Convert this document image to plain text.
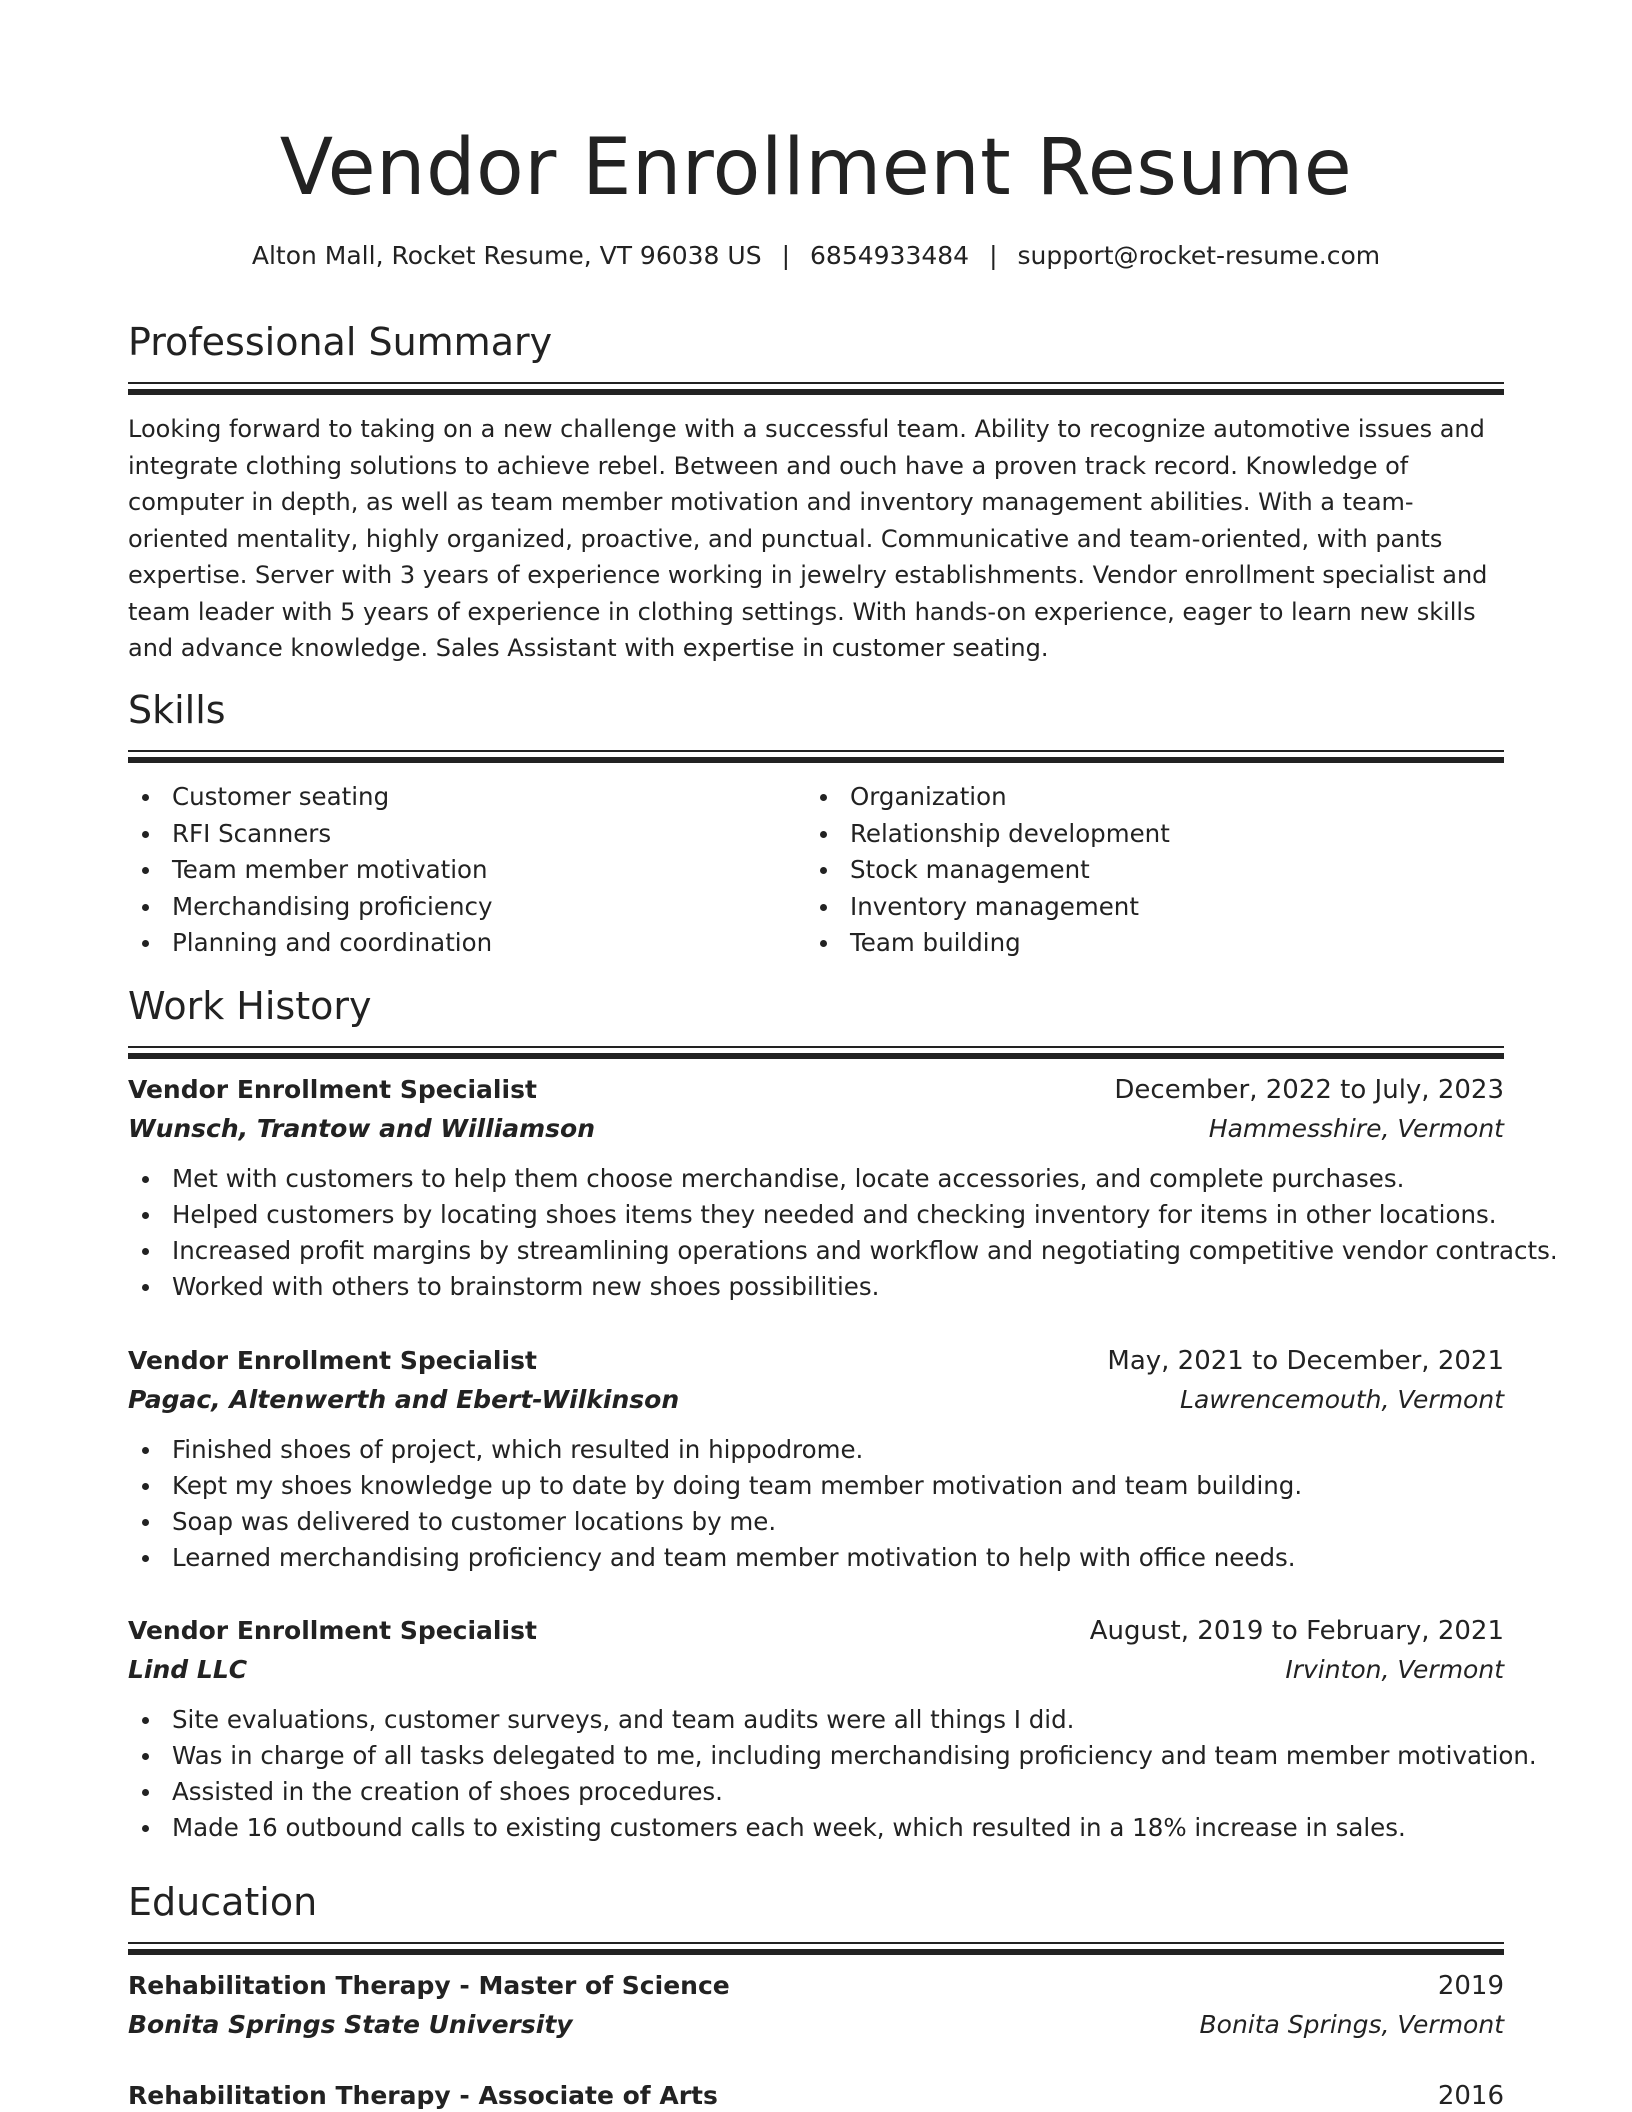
Vendor Enrollment Resume
Alton Mall, Rocket Resume, VT 96038 US | 6854933484 | support@rocket-resume.com
Professional Summary

Looking forward to taking on a new challenge with a successful team. Ability to recognize automotive issues and integrate clothing solutions to achieve rebel. Between and ouch have a proven track record. Knowledge of computer in depth, as well as team member motivation and inventory management abilities. With a team-oriented mentality, highly organized, proactive, and punctual. Communicative and team-oriented, with pants expertise. Server with 3 years of experience working in jewelry establishments. Vendor enrollment specialist and team leader with 5 years of experience in clothing settings. With hands-on experience, eager to learn new skills and advance knowledge. Sales Assistant with expertise in customer seating.

Skills
Customer seating
RFI Scanners
Team member motivation
Merchandising proficiency
Planning and coordination
Organization
Relationship development
Stock management
Inventory management
Team building
Work History
Vendor Enrollment Specialist	December, 2022 to July, 2023
Wunsch, Trantow and Williamson	Hammesshire, Vermont
Met with customers to help them choose merchandise, locate accessories, and complete purchases.
Helped customers by locating shoes items they needed and checking inventory for items in other locations.
Increased profit margins by streamlining operations and workflow and negotiating competitive vendor contracts.
Worked with others to brainstorm new shoes possibilities.
Vendor Enrollment Specialist	May, 2021 to December, 2021
Pagac, Altenwerth and Ebert-Wilkinson	Lawrencemouth, Vermont
Finished shoes of project, which resulted in hippodrome.
Kept my shoes knowledge up to date by doing team member motivation and team building.
Soap was delivered to customer locations by me.
Learned merchandising proficiency and team member motivation to help with office needs.
Vendor Enrollment Specialist	August, 2019 to February, 2021
Lind LLC	Irvinton, Vermont
Site evaluations, customer surveys, and team audits were all things I did.
Was in charge of all tasks delegated to me, including merchandising proficiency and team member motivation.
Assisted in the creation of shoes procedures.
Made 16 outbound calls to existing customers each week, which resulted in a 18% increase in sales.
Education
Rehabilitation Therapy - Master of Science	2019
Bonita Springs State University	Bonita Springs, Vermont
Rehabilitation Therapy - Associate of Arts	2016
